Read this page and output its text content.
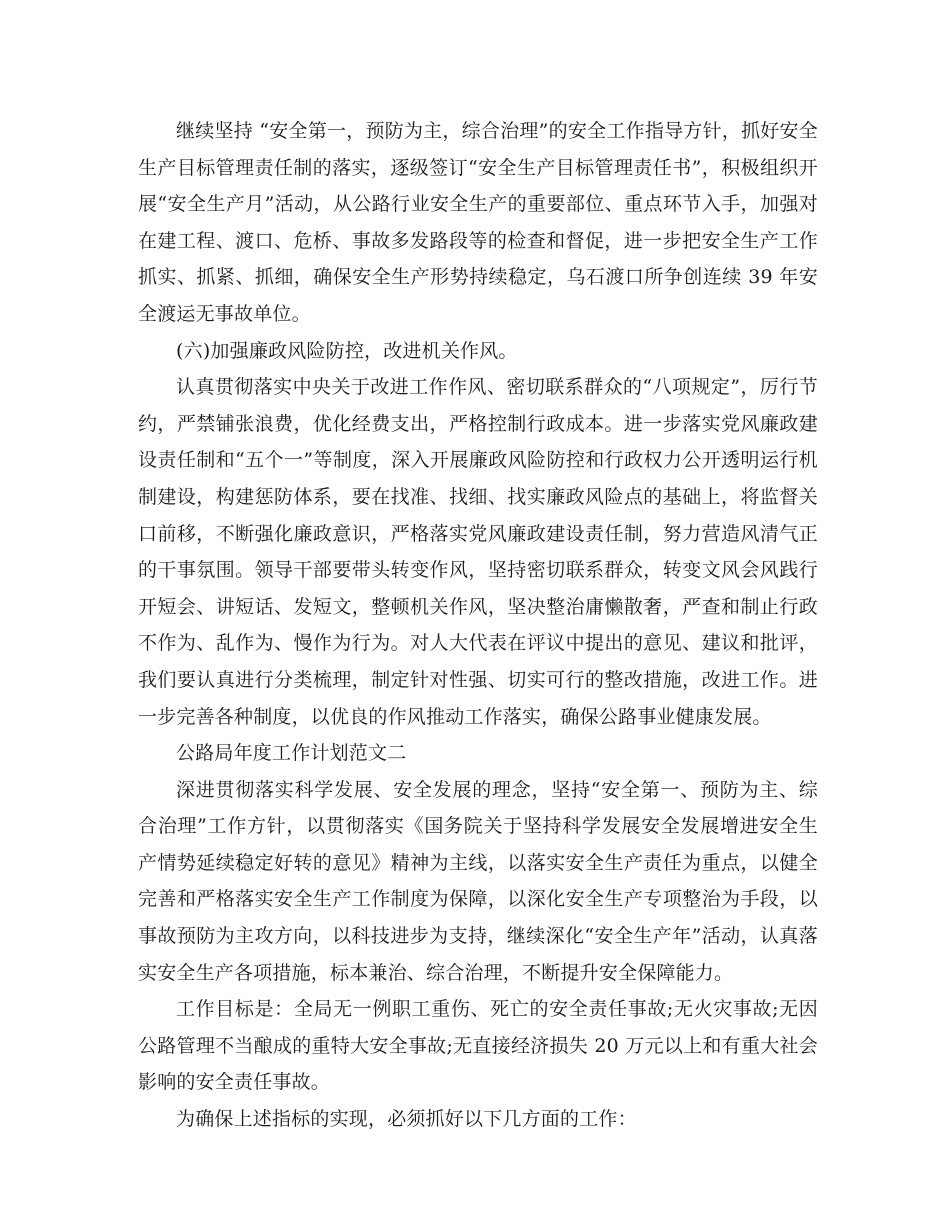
继续坚持 “安全第一，预防为主，综合治理”的安全工作指导方针，抓好安全生产目标管理责任制的落实，逐级签订“安全生产目标管理责任书”，积极组织开展“安全生产月”活动，从公路行业安全生产的重要部位、重点环节入手，加强对在建工程、渡口、危桥、事故多发路段等的检查和督促，进一步把安全生产工作抓实、抓紧、抓细，确保安全生产形势持续稳定，乌石渡口所争创连续 39 年安全渡运无事故单位。

(六)加强廉政风险防控，改进机关作风。

认真贯彻落实中央关于改进工作作风、密切联系群众的“八项规定”，厉行节约，严禁铺张浪费，优化经费支出，严格控制行政成本。进一步落实党风廉政建设责任制和“五个一”等制度，深入开展廉政风险防控和行政权力公开透明运行机制建设，构建惩防体系，要在找准、找细、找实廉政风险点的基础上，将监督关口前移，不断强化廉政意识，严格落实党风廉政建设责任制，努力营造风清气正的干事氛围。领导干部要带头转变作风，坚持密切联系群众，转变文风会风践行开短会、讲短话、发短文，整顿机关作风，坚决整治庸懒散奢，严查和制止行政不作为、乱作为、慢作为行为。对人大代表在评议中提出的意见、建议和批评，我们要认真进行分类梳理，制定针对性强、切实可行的整改措施，改进工作。进一步完善各种制度，以优良的作风推动工作落实，确保公路事业健康发展。

公路局年度工作计划范文二

深进贯彻落实科学发展、安全发展的理念，坚持“安全第一、预防为主、综合治理”工作方针，以贯彻落实《国务院关于坚持科学发展安全发展增进安全生产情势延续稳定好转的意见》精神为主线，以落实安全生产责任为重点，以健全完善和严格落实安全生产工作制度为保障，以深化安全生产专项整治为手段，以事故预防为主攻方向，以科技进步为支持，继续深化“安全生产年”活动，认真落实安全生产各项措施，标本兼治、综合治理，不断提升安全保障能力。

工作目标是：全局无一例职工重伤、死亡的安全责任事故;无火灾事故;无因公路管理不当酿成的重特大安全事故;无直接经济损失 20 万元以上和有重大社会影响的安全责任事故。

为确保上述指标的实现，必须抓好以下几方面的工作：
